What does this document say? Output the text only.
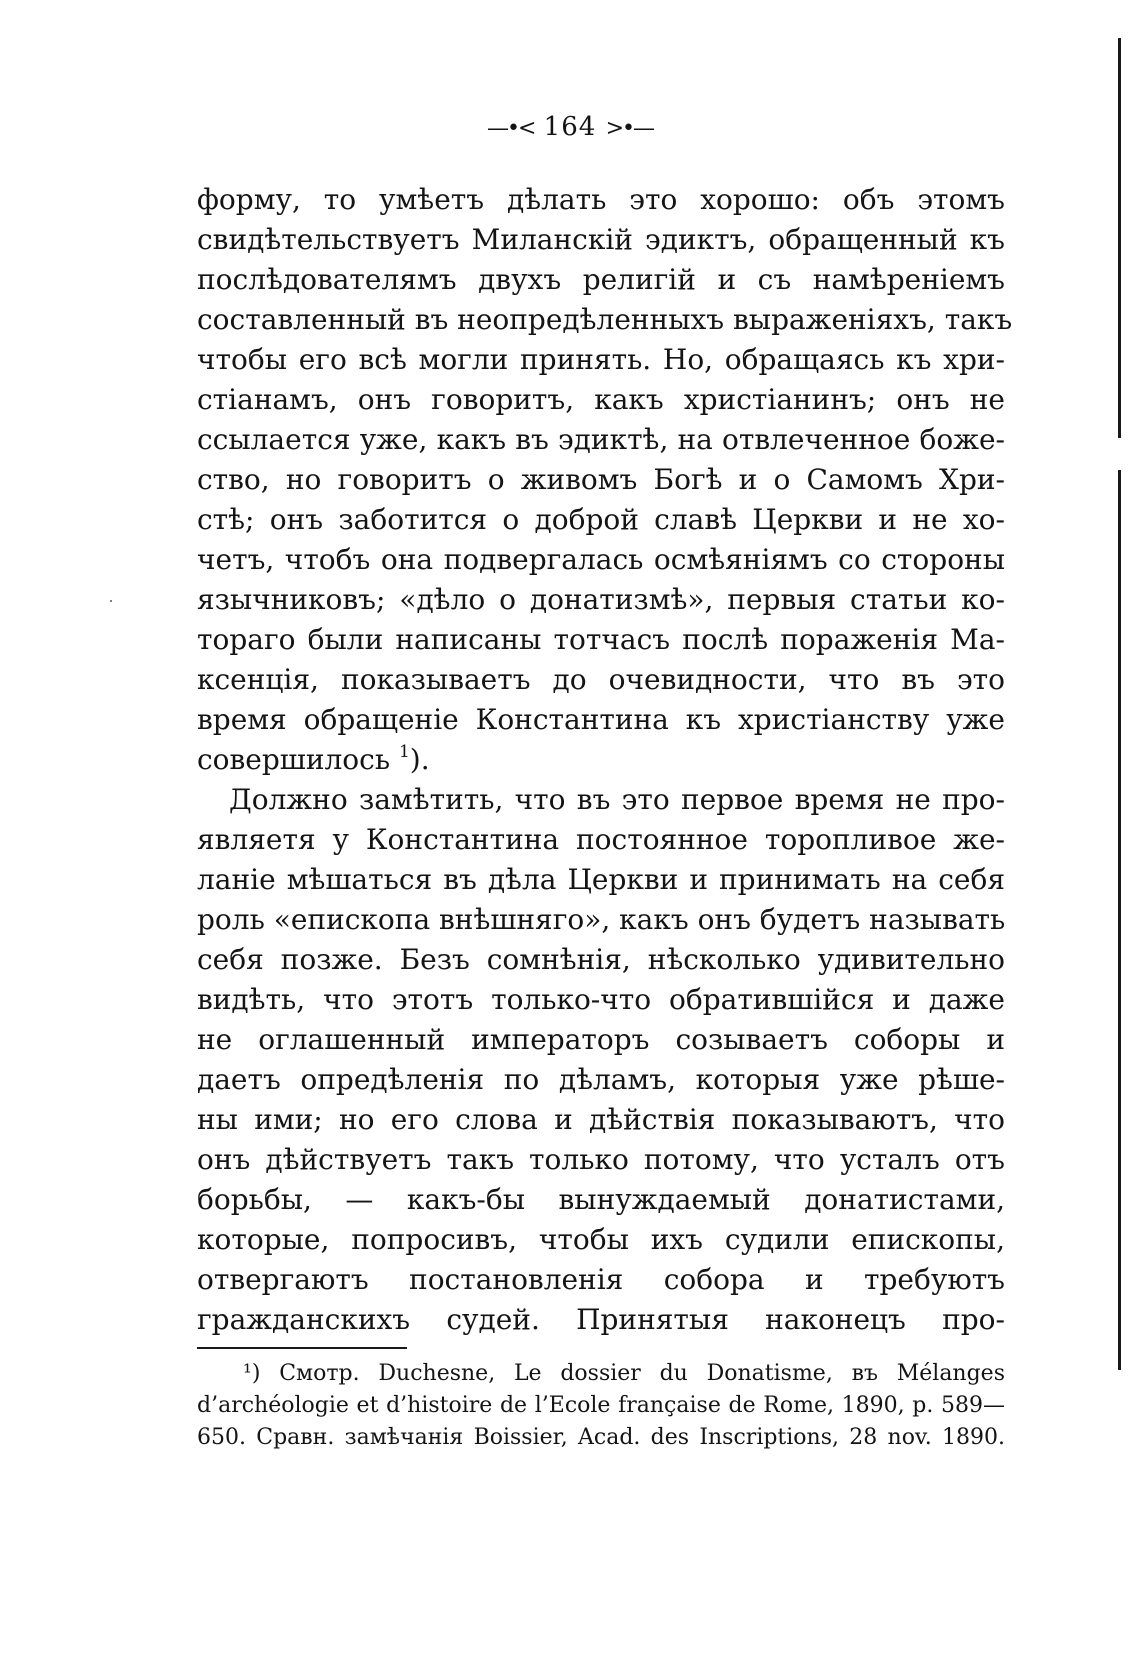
—•< 164 >•—
форму, то умѣетъ дѣлать это хорошо: объ этомъ
свидѣтельствуетъ Миланскій эдиктъ, обращенный къ
послѣдователямъ двухъ религій и съ намѣреніемъ
составленный въ неопредѣленныхъ выраженіяхъ, такъ
чтобы его всѣ могли принять. Но, обращаясь къ хри-
стіанамъ, онъ говоритъ, какъ христіанинъ; онъ не
ссылается уже, какъ въ эдиктѣ, на отвлеченное боже-
ство, но говоритъ о живомъ Богѣ и о Самомъ Хри-
стѣ; онъ заботится о доброй славѣ Церкви и не хо-
четъ, чтобъ она подвергалась осмѣяніямъ со стороны
язычниковъ; «дѣло о донатизмѣ», первыя статьи ко-
тораго были написаны тотчасъ послѣ пораженія Ма-
ксенція, показываетъ до очевидности, что въ это
время обращеніе Константина къ христіанству уже
совершилось $^1$).
Должно замѣтить, что въ это первое время не про-
являетя у Константина постоянное торопливое же-
ланіе мѣшаться въ дѣла Церкви и принимать на себя
роль «епископа внѣшняго», какъ онъ будетъ называть
себя позже. Безъ сомнѣнія, нѣсколько удивительно
видѣть, что этотъ только-что обратившійся и даже
не оглашенный императоръ созываетъ соборы и
даетъ опредѣленія по дѣламъ, которыя уже рѣше-
ны ими; но его слова и дѣйствія показываютъ, что
онъ дѣйствуетъ такъ только потому, что усталъ отъ
борьбы, — какъ-бы вынуждаемый донатистами,
которые, попросивъ, чтобы ихъ судили епископы,
отвергаютъ постановленія собора и требуютъ
гражданскихъ судей. Принятыя наконецъ про-
¹) Смотр. Duchesne, Le dossier du Donatisme, въ Mélanges
d’archéologie et d’histoire de l’Ecole française de Rome, 1890, p. 589—
650. Сравн. замѣчанія Boissier, Acad. des Inscriptions, 28 nov. 1890.
